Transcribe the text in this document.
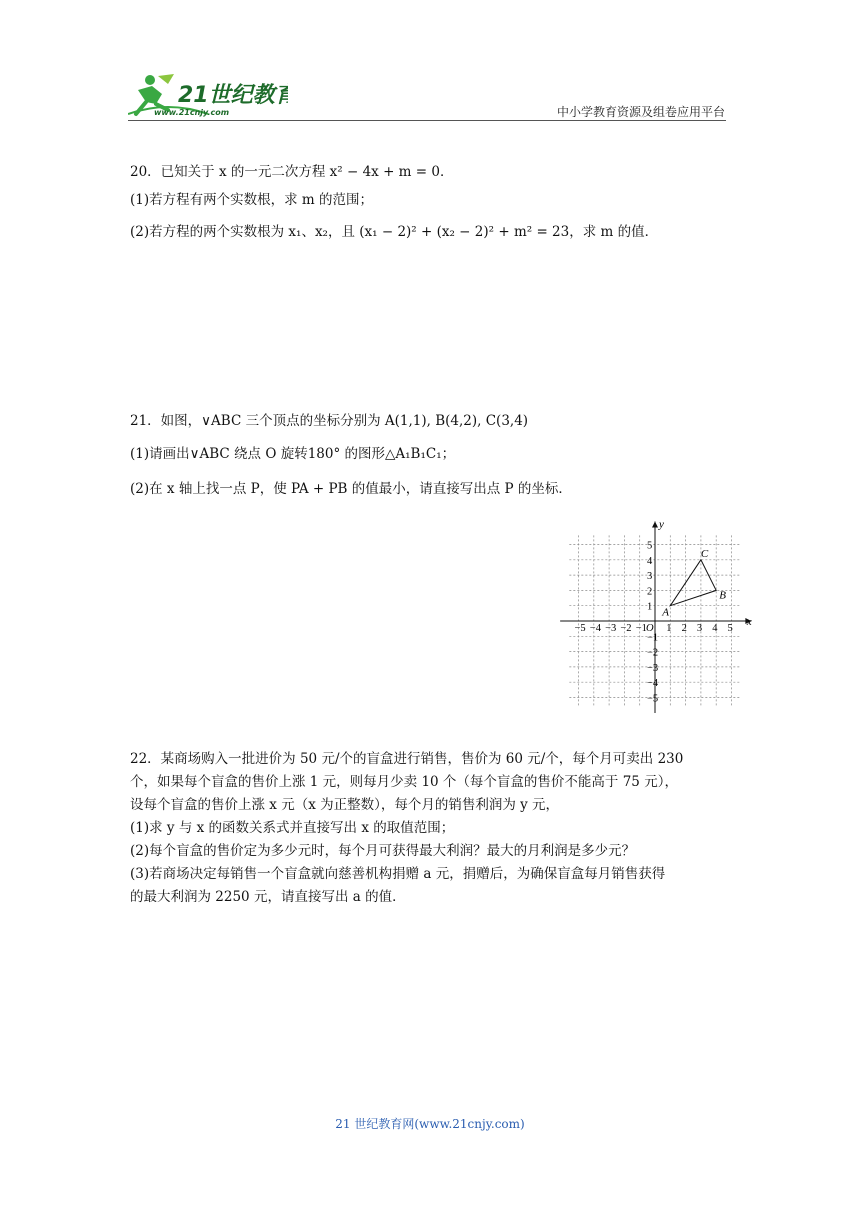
21世纪教育
www.21cnjy.com	中小学教育资源及组卷应用平台
20．已知关于 x 的一元二次方程 x² − 4x + m = 0．
(1)若方程有两个实数根，求 m 的范围；
(2)若方程的两个实数根为 x₁、x₂，且 (x₁ − 2)² + (x₂ − 2)² + m² = 23，求 m 的值．
21．如图，∨ABC 三个顶点的坐标分别为 A(1,1), B(4,2), C(3,4)
(1)请画出∨ABC 绕点 O 旋转180° 的图形△A₁B₁C₁；
(2)在 x 轴上找一点 P，使 PA + PB 的值最小，请直接写出点 P 的坐标．
x
y
−5 −4 −3 −2 −1 1 2 3 4 5
5
4
3
2
1
−1
−2
−3
−4
−5
O
A
B
C
22．某商场购入一批进价为 50 元/个的盲盒进行销售，售价为 60 元/个，每个月可卖出 230
个，如果每个盲盒的售价上涨 1 元，则每月少卖 10 个（每个盲盒的售价不能高于 75 元），
设每个盲盒的售价上涨 x 元（x 为正整数），每个月的销售利润为 y 元，
(1)求 y 与 x 的函数关系式并直接写出 x 的取值范围；
(2)每个盲盒的售价定为多少元时，每个月可获得最大利润？最大的月利润是多少元？
(3)若商场决定每销售一个盲盒就向慈善机构捐赠 a 元，捐赠后，为确保盲盒每月销售获得
的最大利润为 2250 元，请直接写出 a 的值．
21 世纪教育网(www.21cnjy.com)
